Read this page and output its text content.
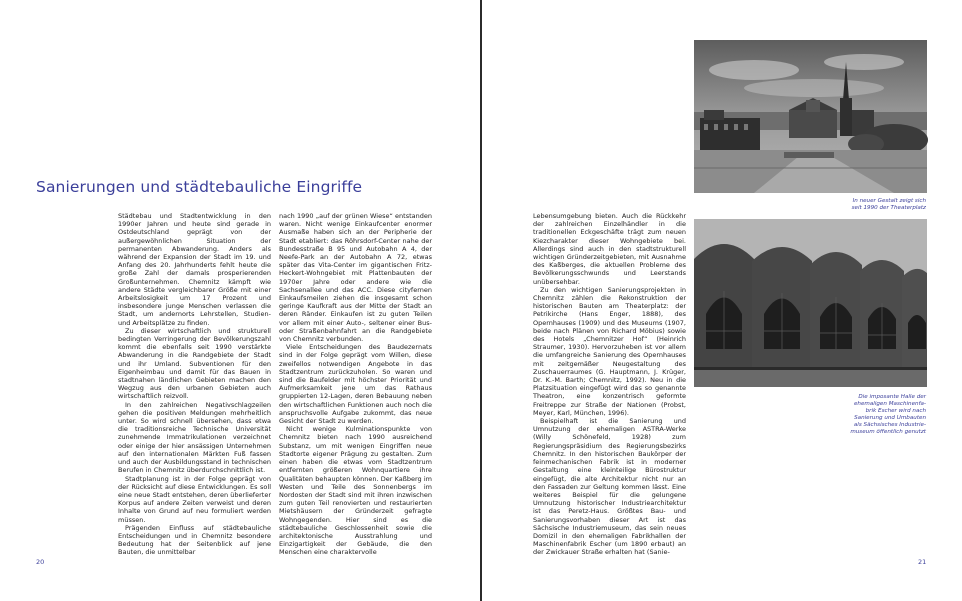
Sanierungen und städtebauliche Eingriffe

Städtebau und Stadtentwicklung in den 1990er Jahren und heute sind gerade in Ostdeutschland geprägt von der außergewöhnlichen Situation der permanenten Abwanderung. Anders als während der Expansion der Stadt im 19. und Anfang des 20. Jahrhunderts fehlt heute die große Zahl der damals prosperierenden Großunternehmen. Chemnitz kämpft wie andere Städte vergleichbarer Größe mit einer Arbeitslosigkeit um 17 Prozent und insbesondere junge Menschen verlassen die Stadt, um andernorts Lehrstellen, Studien- und Arbeitsplätze zu finden.

Zu dieser wirtschaftlich und strukturell bedingten Verringerung der Bevölkerungszahl kommt die ebenfalls seit 1990 verstärkte Abwanderung in die Randgebiete der Stadt und ihr Umland. Subventionen für den Eigenheimbau und damit für das Bauen in stadtnahen ländlichen Gebieten machen den Wegzug aus den urbanen Gebieten auch wirtschaftlich reizvoll.

In den zahlreichen Negativschlagzeilen gehen die positiven Meldungen mehrheitlich unter. So wird schnell übersehen, dass etwa die traditionsreiche Technische Universität zunehmende Immatrikulationen verzeichnet oder einige der hier ansässigen Unternehmen auf den internationalen Märkten Fuß fassen und auch der Ausbildungsstand in technischen Berufen in Chemnitz überdurchschnittlich ist.

Stadtplanung ist in der Folge geprägt von der Rücksicht auf diese Entwicklungen. Es soll eine neue Stadt entstehen, deren überlieferter Korpus auf andere Zeiten verweist und deren Inhalte von Grund auf neu formuliert werden müssen.

Prägenden Einfluss auf städtebauliche Entscheidungen und in Chemnitz besondere Bedeutung hat der Seitenblick auf jene Bauten, die unmittelbar

nach 1990 „auf der grünen Wiese“ entstanden waren. Nicht wenige Einkaufcenter enormer Ausmaße haben sich an der Peripherie der Stadt etabliert: das Röhrsdorf-Center nahe der Bundesstraße B 95 und Autobahn A 4, der Neefe-Park an der Autobahn A 72, etwas später das Vita-Center im gigantischen Fritz-Heckert-Wohngebiet mit Plattenbauten der 1970er Jahre oder andere wie die Sachsenallee und das ACC. Diese cityfernen Einkaufsmeilen ziehen die insgesamt schon geringe Kaufkraft aus der Mitte der Stadt an deren Ränder. Einkaufen ist zu guten Teilen vor allem mit einer Auto-, seltener einer Bus- oder Straßenbahnfahrt an die Randgebiete von Chemnitz verbunden.

Viele Entscheidungen des Baudezernats sind in der Folge geprägt vom Willen, diese zweifellos notwendigen Angebote in das Stadtzentrum zurückzuholen. So waren und sind die Baufelder mit höchster Priorität und Aufmerksamkeit jene um das Rathaus gruppierten 12-Lagen, deren Bebauung neben den wirtschaftlichen Funktionen auch noch die anspruchsvolle Aufgabe zukommt, das neue Gesicht der Stadt zu werden.

Nicht wenige Kulminationspunkte von Chemnitz bieten nach 1990 ausreichend Substanz, um mit wenigen Eingriffen neue Stadtorte eigener Prägung zu gestalten. Zum einen haben die etwas vom Stadtzentrum entfernten größeren Wohnquartiere ihre Qualitäten behaupten können. Der Kaßberg im Westen und Teile des Sonnenbergs im Nordosten der Stadt sind mit ihren inzwischen zum guten Teil renovierten und restaurierten Mietshäusern der Gründerzeit gefragte Wohngegenden. Hier sind es die städtebauliche Geschlossenheit sowie die architektonische Ausstrahlung und Einzigartigkeit der Gebäude, die den Menschen eine charaktervolle

20

Lebensumgebung bieten. Auch die Rückkehr der zahlreichen Einzelhändler in die traditionellen Eckgeschäfte trägt zum neuen Kiezcharakter dieser Wohngebiete bei. Allerdings sind auch in den stadtstrukturell wichtigen Gründerzeitgebieten, mit Ausnahme des Kaßberges, die aktuellen Probleme des Bevölkerungsschwunds und Leerstands unübersehbar.

Zu den wichtigen Sanierungsprojekten in Chemnitz zählen die Rekonstruktion der historischen Bauten am Theaterplatz: der Petrikirche (Hans Enger, 1888), des Opernhauses (1909) und des Museums (1907, beide nach Plänen von Richard Möbius) sowie des Hotels „Chemnitzer Hof“ (Heinrich Straumer, 1930). Hervorzuheben ist vor allem die umfangreiche Sanierung des Opernhauses mit zeitgemäßer Neugestaltung des Zuschauerraumes (G. Hauptmann, J. Krüger, Dr. K.-M. Barth; Chemnitz, 1992). Neu in die Platzsituation eingefügt wird das so genannte Theatron, eine konzentrisch geformte Freitreppe zur Straße der Nationen (Probst, Meyer, Karl, München, 1996).

Beispielhaft ist die Sanierung und Umnutzung der ehemaligen ASTRA-Werke (Willy Schönefeld, 1928) zum Regierungspräsidium des Regierungsbezirks Chemnitz. In den historischen Baukörper der feinmechanischen Fabrik ist in moderner Gestaltung eine kleinteilige Bürostruktur eingefügt, die alte Architektur nicht nur an den Fassaden zur Geltung kommen lässt. Eine weiteres Beispiel für die gelungene Umnutzung historischer Industriearchitektur ist das Peretz-Haus. Größtes Bau- und Sanierungsvorhaben dieser Art ist das Sächsische Industriemuseum, das sein neues Domizil in den ehemaligen Fabrikhallen der Maschinenfabrik Escher (um 1890 erbaut) an der Zwickauer Straße erhalten hat (Sanie-

In neuer Gestalt zeigt sich
seit 1990 der Theaterplatz
Die imposante Halle der
ehemaligen Maschinenfa-
brik Escher wird nach
Sanierung und Umbauten
als Sächsisches Industrie-
museum öffentlich genutzt
21
